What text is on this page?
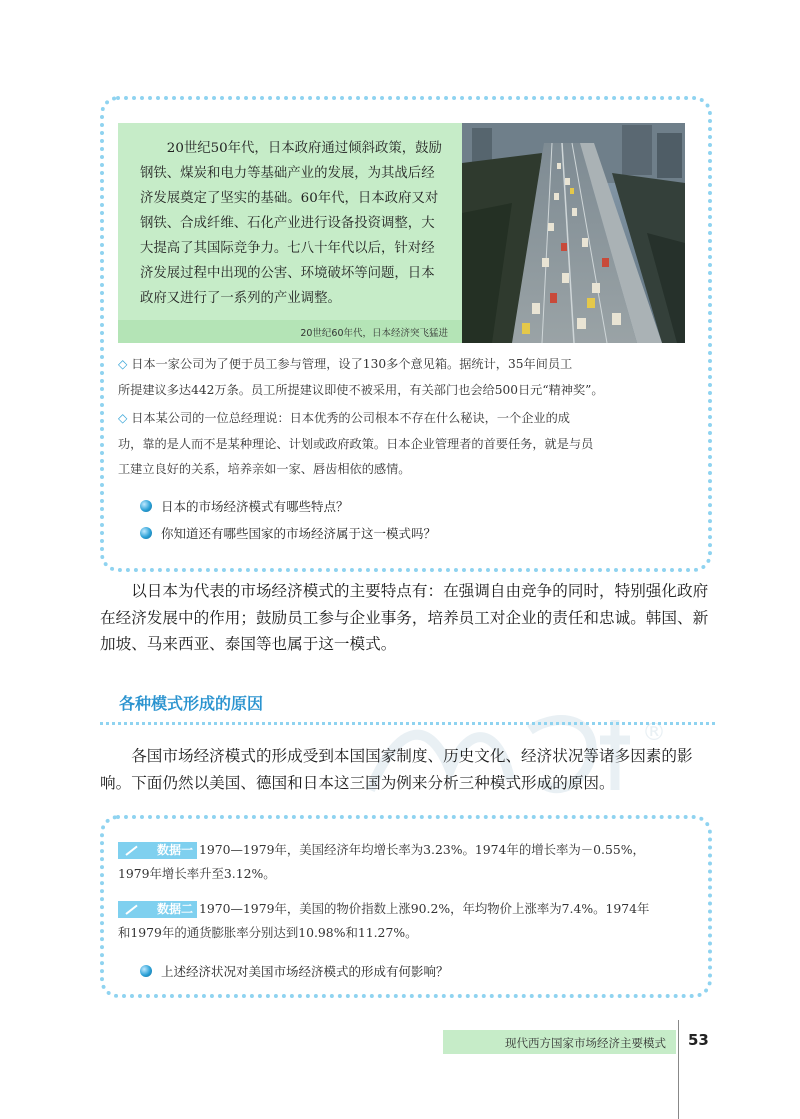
20世纪50年代，日本政府通过倾斜政策，鼓励钢铁、煤炭和电力等基础产业的发展，为其战后经济发展奠定了坚实的基础。60年代，日本政府又对钢铁、合成纤维、石化产业进行设备投资调整，大大提高了其国际竞争力。七八十年代以后，针对经济发展过程中出现的公害、环境破坏等问题，日本政府又进行了一系列的产业调整。
20世纪60年代，日本经济突飞猛进
◇ 日本一家公司为了便于员工参与管理，设了130多个意见箱。据统计，35年间员工
所提建议多达442万条。员工所提建议即使不被采用，有关部门也会给500日元“精神奖”。
◇ 日本某公司的一位总经理说：日本优秀的公司根本不存在什么秘诀，一个企业的成
功，靠的是人而不是某种理论、计划或政府政策。日本企业管理者的首要任务，就是与员
工建立良好的关系，培养亲如一家、唇齿相依的感情。
日本的市场经济模式有哪些特点？
你知道还有哪些国家的市场经济属于这一模式吗？
以日本为代表的市场经济模式的主要特点有：在强调自由竞争的同时，特别强化政府
在经济发展中的作用；鼓励员工参与企业事务，培养员工对企业的责任和忠诚。韩国、新
加坡、马来西亚、泰国等也属于这一模式。
®
各种模式形成的原因
各国市场经济模式的形成受到本国国家制度、历史文化、经济状况等诸多因素的影
响。下面仍然以美国、德国和日本这三国为例来分析三种模式形成的原因。
数据一 1970—1979年，美国经济年均增长率为3.23%。1974年的增长率为－0.55%，
1979年增长率升至3.12%。
数据二 1970—1979年，美国的物价指数上涨90.2%，年均物价上涨率为7.4%。1974年
和1979年的通货膨胀率分别达到10.98%和11.27%。
上述经济状况对美国市场经济模式的形成有何影响？
现代西方国家市场经济主要模式 53
